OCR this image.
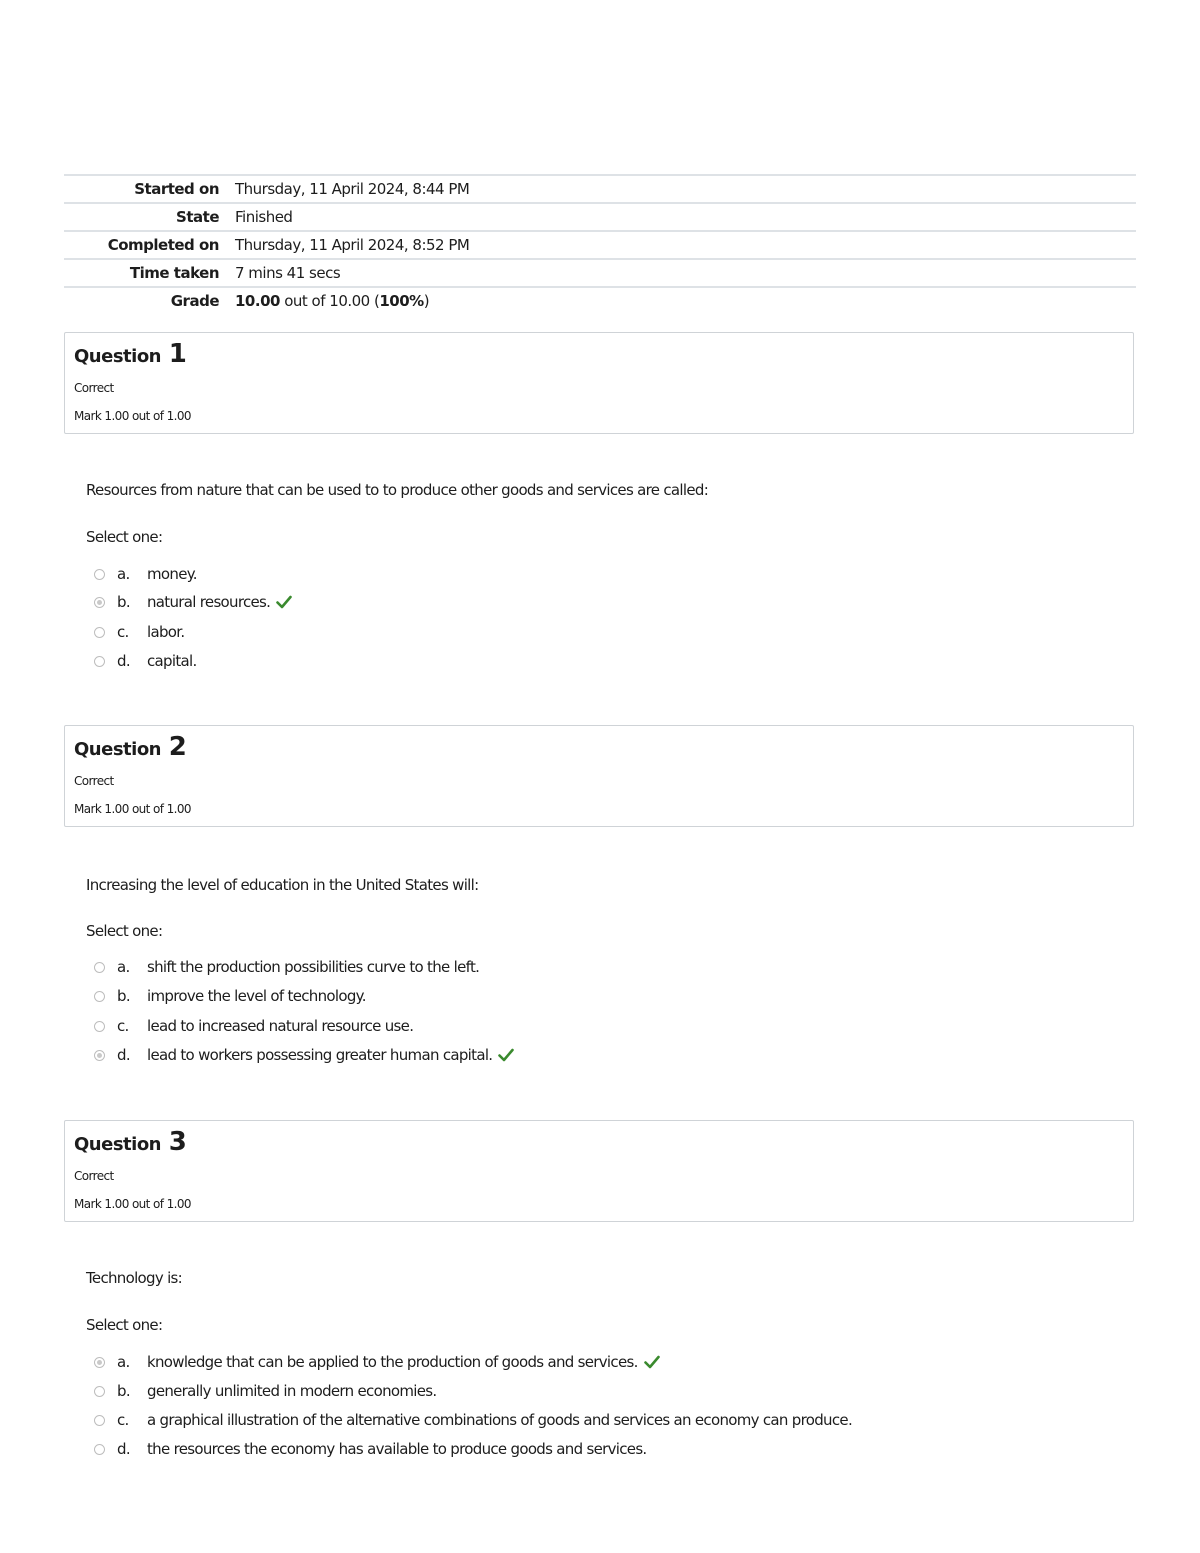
Started on	Thursday, 11 April 2024, 8:44 PM
State	Finished
Completed on	Thursday, 11 April 2024, 8:52 PM
Time taken	7 mins 41 secs
Grade	10.00 out of 10.00 (100%)
Question 1
Correct
Mark 1.00 out of 1.00
Resources from nature that can be used to to produce other goods and services are called:
Select one:
a.	money.
b.	natural resources.
c.	labor.
d.	capital.
Question 2
Correct
Mark 1.00 out of 1.00
Increasing the level of education in the United States will:
Select one:
a.	shift the production possibilities curve to the left.
b.	improve the level of technology.
c.	lead to increased natural resource use.
d.	lead to workers possessing greater human capital.
Question 3
Correct
Mark 1.00 out of 1.00
Technology is:
Select one:
a.	knowledge that can be applied to the production of goods and services.
b.	generally unlimited in modern economies.
c.	a graphical illustration of the alternative combinations of goods and services an economy can produce.
d.	the resources the economy has available to produce goods and services.
